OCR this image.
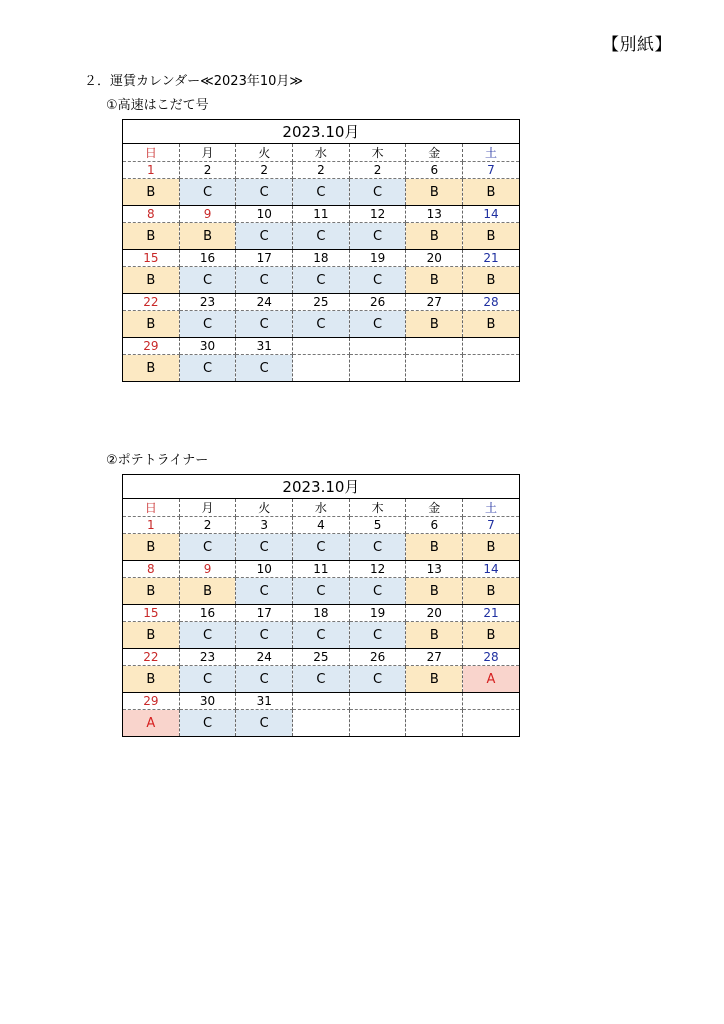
【別紙】
２．運賃カレンダー≪2023年10月≫
①高速はこだて号
2023.10月						
日	月	火	水	木	金	土
1	2	2	2	2	6	7
B	C	C	C	C	B	B
8	9	10	11	12	13	14
B	B	C	C	C	B	B
15	16	17	18	19	20	21
B	C	C	C	C	B	B
22	23	24	25	26	27	28
B	C	C	C	C	B	B
29	30	31				
B	C	C				
②ポテトライナー
2023.10月						
日	月	火	水	木	金	土
1	2	3	4	5	6	7
B	C	C	C	C	B	B
8	9	10	11	12	13	14
B	B	C	C	C	B	B
15	16	17	18	19	20	21
B	C	C	C	C	B	B
22	23	24	25	26	27	28
B	C	C	C	C	B	A
29	30	31				
A	C	C				
